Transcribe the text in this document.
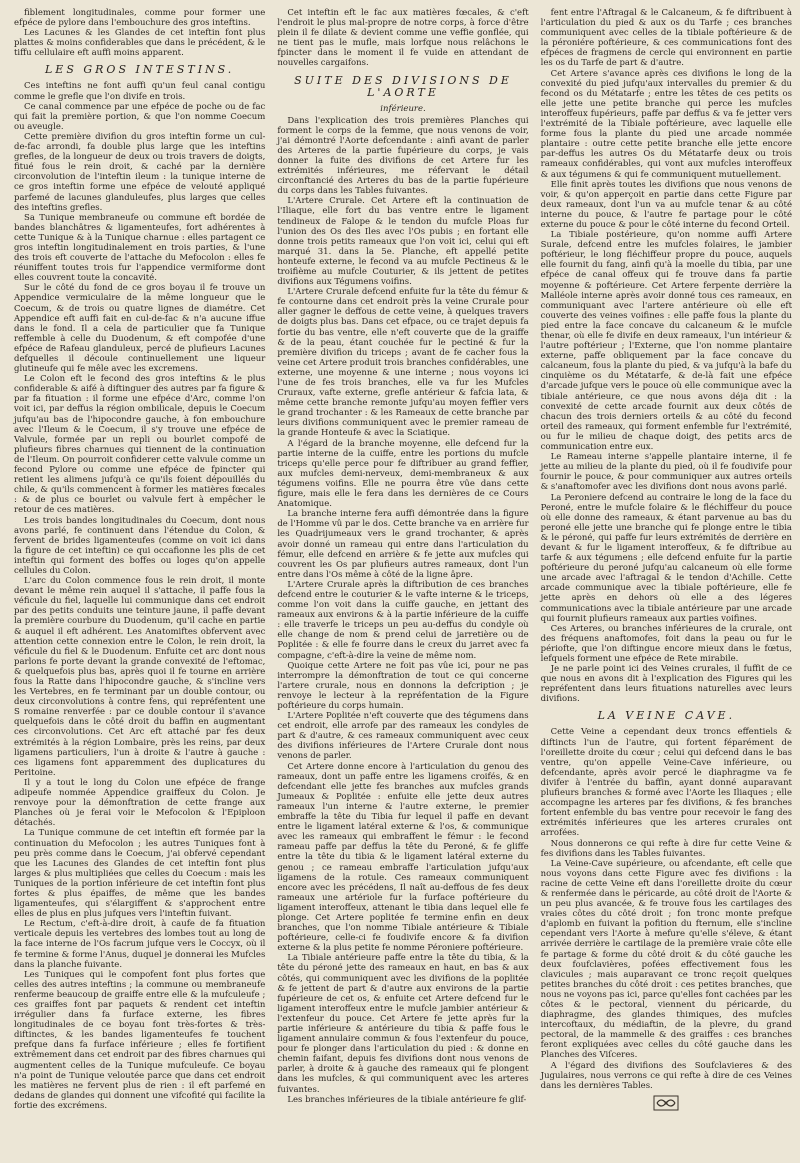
fiblement longitudinales, comme pour former une efpéce de pylore dans l'embouchure des gros inteftins.

Les Lacunes & les Glandes de cet inteftin font plus plattes & moins confiderables que dans le précédent, & le tiffu cellulaire eft auffi moins apparent.

LES GROS INTESTINS.

Ces inteftins ne font auffi qu'un feul canal contigu comme le grefle que l'on divife en trois.

Ce canal commence par une efpéce de poche ou de fac qui fait la première portion, & que l'on nomme Coecum ou aveugle.

Cette première divifion du gros inteftin forme un cul-de-fac arrondi, fa double plus large que les inteftins grefles, de la longueur de deux ou trois travers de doigts, fitué fous le rein droit, & caché par la dernière circonvolution de l'inteftin ileum : la tunique interne de ce gros inteftin forme une efpéce de velouté appliqué parfemé de lacunes glanduleufes, plus larges que celles des inteftins grefles.

Sa Tunique membraneufe ou commune eft bordée de bandes blanchâtres & ligamenteufes, fort adhérentes à cette Tunique & à la Tunique charnue : elles partagent ce gros inteftin longitudinalement en trois parties, & l'une des trois eft couverte de l'attache du Mefocolon : elles fe réuniffent toutes trois fur l'appendice vermiforme dont elles couvrent toute la concavité.

Sur le côté du fond de ce gros boyau il fe trouve un Appendice vermiculaire de la même longueur que le Coecum, & de trois ou quatre lignes de diamétre. Cet Appendice eft auffi fait en cul-de-fac & n'a aucune iffue dans le fond. Il a cela de particulier que fa Tunique reffemble à celle du Duodenum, & eft compofée d'une efpéce de Rafeau glanduleux, percé de plufieurs Lacunes defquelles il découle continuellement une liqueur glutineufe qui fe mêle avec les excremens.

Le Colon eft le fecond des gros inteftins & le plus confiderable & aifé à diftinguer des autres par fa figure & par fa fituation : il forme une efpéce d'Arc, comme l'on voit ici, par deffus la région ombilicale, depuis le Coecum jufqu'au bas de l'hipocondre gauche, à fon embouchure avec l'Ileum & le Coecum, il s'y trouve une efpéce de Valvule, formée par un repli ou bourlet compofé de plufieurs fibres charnues qui tiennent de la continuation de l'Ileum. On pourroit confiderer cette valvule comme un fecond Pylore ou comme une efpéce de fpincter qui retient les alimens jufqu'à ce qu'ils foient dépouillés du chile, & qu'ils commencent à former les matières fœcales : & de plus ce bourlet ou valvule fert à empêcher le retour de ces matières.

Les trois bandes longitudinales du Coecum, dont nous avons parlé, fe continuent dans l'étendue du Colon, & fervent de brides ligamenteufes (comme on voit ici dans la figure de cet inteftin) ce qui occafionne les plis de cet inteftin qui forment des boffes ou loges qu'on appelle cellules du Colon.

L'arc du Colon commence fous le rein droit, il monte devant le même rein auquel il s'attache, il paffe fous la véficule du fiel, laquelle lui communique dans cet endroit par des petits conduits une teinture jaune, il paffe devant la première courbure du Duodenum, qu'il cache en partie & auquel il eft adhérent. Les Anatomiftes obfervent avec attention cette connexion entre le Colon, le rein droit, la véficule du fiel & le Duodenum. Enfuite cet arc dont nous parlons fe porte devant la grande convexité de l'eftomac, & quelquefois plus bas, après quoi il fe tourne en arrière fous la Ratte dans l'hipocondre gauche, & s'incline vers les Vertebres, en fe terminant par un double contour, ou deux circonvolutions à contre fens, qui repréfentent une S romaine renverfée : par ce double contour il s'avance quelquefois dans le côté droit du baffin en augmentant ces circonvolutions. Cet Arc eft attaché par fes deux extrémités à la région Lombaire, près les reins, par deux ligamens particuliers, l'un à droite & l'autre à gauche : ces ligamens font apparemment des duplicatures du Peritoine.

Il y a tout le long du Colon une efpéce de frange adipeufe nommée Appendice graiffeux du Colon. Je renvoye pour la démonftration de cette frange aux Planches où je ferai voir le Mefocolon & l'Epiploon détachés.

La Tunique commune de cet inteftin eft formée par la continuation du Mefocolon ; les autres Tuniques font à peu près comme dans le Coecum, j'ai obfervé cependant que les Lacunes des Glandes de cet inteftin font plus larges & plus multipliées que celles du Coecum : mais les Tuniques de la portion inférieure de cet inteftin font plus fortes & plus épaiffes, de même que les bandes ligamenteufes, qui s'élargiffent & s'approchent entre elles de plus en plus jufques vers l'inteftin fuivant.

Le Rectum, c'eft-à-dire droit, à caufe de fa fituation verticale depuis les vertebres des lombes tout au long de la face interne de l'Os facrum jufque vers le Coccyx, où il fe termine & forme l'Anus, duquel je donnerai les Mufcles dans la planche fuivante.

Les Tuniques qui le compofent font plus fortes que celles des autres inteftins ; la commune ou membraneufe renferme beaucoup de graiffe entre elle & la mufculeufe ; ces graiffes font par paquets & rendent cet inteftin irrégulier dans fa furface externe, les fibres longitudinales de ce boyau font très-fortes & très-diftinctes, & les bandes ligamenteufes fe touchent prefque dans fa furface inférieure ; elles fe fortifient extrêmement dans cet endroit par des fibres charnues qui augmentent celles de la Tunique mufculeufe. Ce boyau n'a point de Tunique veloutée parce que dans cet endroit les matières ne fervent plus de rien : il eft parfemé en dedans de glandes qui donnent une vifcofité qui facilite la fortie des excrémens.

Cet inteftin eft le fac aux matières fœcales, & c'eft l'endroit le plus mal-propre de notre corps, à force d'être plein il fe dilate & devient comme une veffie gonflée, qui ne tient pas le mufle, mais lorfque nous relâchons le fpincter dans le moment il fe vuide en attendant de nouvelles cargaifons.

SUITE DES DIVISIONS DE L'AORTE
inférieure.

Dans l'explication des trois premières Planches qui forment le corps de la femme, que nous venons de voir, j'ai démontré l'Aorte defcendante : ainfi avant de parler des Arteres de la partie fupérieure du corps, je vais donner la fuite des divifions de cet Artere fur les extrémités inférieures, me réfervant le détail circonftancié des Arteres du bas de la partie fupérieure du corps dans les Tables fuivantes.

L'Artere Crurale. Cet Artere eft la continuation de l'Iliaque, elle fort du bas ventre entre le ligament tendineux de Falope & le tendon du mufcle Ploas fur l'union des Os des Iles avec l'Os pubis ; en fortant elle donne trois petits rameaux que l'on voit ici, celui qui eft marqué 31. dans la 5e. Planche, eft appellé petite honteufe externe, le fecond va au mufcle Pectineus & le troifième au mufcle Couturier, & ils jettent de petites divifions aux Tégumens voifins.

L'Artere Crurale defcend enfuite fur la tête du fémur & fe contourne dans cet endroit près la veine Crurale pour aller gagner le deffous de cette veine, à quelques travers de doigts plus bas. Dans cet efpace, ou ce trajet depuis fa fortie du bas ventre, elle n'eft couverte que de la graiffe & de la peau, étant couchée fur le pectiné & fur la première divifion du triceps ; avant de fe cacher fous la veine cet Artere produit trois branches confidérables, une externe, une moyenne & une interne ; nous voyons ici l'une de fes trois branches, elle va fur les Mufcles Cruraux, vafte externe, grefle antérieur & fafcia lata, & même cette branche remonte jufqu'au moyen feffier vers le grand trochanter : & les Rameaux de cette branche par leurs divifions communiquent avec le premier rameau de la grande Honteufe & avec la Sciatique.

A l'égard de la branche moyenne, elle defcend fur la partie interne de la cuiffe, entre les portions du mufcle triceps qu'elle perce pour fe diftribuer au grand feffier, aux mufcles demi-nerveux, demi-membraneux & aux tégumens voifins. Elle ne pourra être vûe dans cette figure, mais elle le fera dans les dernières de ce Cours Anatomique.

La branche interne fera auffi démontrée dans la figure de l'Homme vû par le dos. Cette branche va en arrière fur les Quadrijumeaux vers le grand trochanter, & après avoir donné un rameau qui entre dans l'articulation du fémur, elle defcend en arrière & fe jette aux mufcles qui couvrent les Os par plufieurs autres rameaux, dont l'un entre dans l'Os même à côté de la ligne âpre.

L'Artere Crurale après la diftribution de ces branches defcend entre le couturier & le vafte interne & le triceps, comme l'on voit dans la cuiffe gauche, en jettant des rameaux aux environs & à la partie inférieure de la cuiffe : elle traverfe le triceps un peu au-deffus du condyle où elle change de nom & prend celui de jarretière ou de Poplitée : & elle fe fourre dans le creux du jarret avec fa compagne, c'eft-à-dire la veine de même nom.

Quoique cette Artere ne foit pas vûe ici, pour ne pas interrompre la démonftration de tout ce qui concerne l'artere crurale, nous en donnons la defcription ; je renvoye le lecteur à la repréfentation de la Figure poftérieure du corps humain.

L'Artere Poplitée n'eft couverte que des tégumens dans cet endroit, elle arrofe par des rameaux les condyles de part & d'autre, & ces rameaux communiquent avec ceux des divifions inférieures de l'Artere Crurale dont nous venons de parler.

Cet Artere donne encore à l'articulation du genou des rameaux, dont un paffe entre les ligamens croifés, & en defcendant elle jette fes branches aux mufcles grands Jumeaux & Poplitée : enfuite elle jette deux autres rameaux l'un interne & l'autre externe, le premier embraffe la tête du Tibia fur lequel il paffe en devant entre le ligament latéral externe & l'os, & communique avec les rameaux qui embraffent le fémur : le fecond rameau paffe par deffus la tête du Peroné, & fe gliffe entre la tête du tibia & le ligament latéral externe du genou ; ce rameau embraffe l'articulation jufqu'aux ligamens de la rotule. Ces rameaux communiquent encore avec les précédens, Il naît au-deffous de fes deux rameaux une artériole fur la furface poftérieure du ligament interoffeux, attenant le tibia dans lequel elle fe plonge. Cet Artere poplitée fe termine enfin en deux branches, que l'on nomme Tibiale antérieure & Tibiale poftérieure, celle-ci fe foudivife encore & fa divifion externe & la plus petite fe nomme Péroniere poftérieure.

La Tibiale antérieure paffe entre la tête du tibia, & la tête du péroné jette des rameaux en haut, en bas & aux côtés, qui communiquent avec les divifions de la poplitée & fe jettent de part & d'autre aux environs de la partie fupérieure de cet os, & enfuite cet Artere defcend fur le ligament interoffeux entre le mufcle jambier antérieur & l'extenfeur du pouce. Cet Artere fe jette après fur la partie inférieure & antérieure du tibia & paffe fous le ligament annulaire commun & fous l'extenfeur du pouce, pour fe plonger dans l'articulation du pied : & donne en chemin faifant, depuis fes divifions dont nous venons de parler, à droite & à gauche des rameaux qui fe plongent dans les mufcles, & qui communiquent avec les arteres fuivantes.

Les branches inférieures de la tibiale antérieure fe glif-

fent entre l'Aftragal & le Calcaneum, & fe diftribuent à l'articulation du pied & aux os du Tarfe ; ces branches communiquent avec celles de la tibiale poftérieure & de la péroniére poftérieure, & ces communications font des efpéces de fragmens de cercle qui environnent en partie les os du Tarfe de part & d'autre.

Cet Artere s'avance après ces divifions le long de la convexité du pied jufqu'aux intervalles du premier & du fecond os du Métatarfe ; entre les têtes de ces petits os elle jette une petite branche qui perce les mufcles interoffeux fupérieurs, paffe par deffus & va fe jetter vers l'extrémité de la Tibiale poftérieure, avec laquelle elle forme fous la plante du pied une arcade nommée plantaire : outre cette petite branche elle jette encore par-deffus les autres Os du Métatarfe deux ou trois rameaux confidérables, qui vont aux mufcles interoffeux & aux tégumens & qui fe communiquent mutuellement.

Elle finit après toutes les divifions que nous venons de voir, & qu'on apperçoit en partie dans cette Figure par deux rameaux, dont l'un va au mufcle tenar & au côté interne du pouce, & l'autre fe partage pour le côté externe du pouce & pour le côté interne du fecond Orteil.

La Tibiale postérieure, qu'on nomme auffi Artere Surale, defcend entre les mufcles folaires, le jambier poftérieur, le long fléchiffeur propre du pouce, auquels elle fournit du fang, ainfi qu'à la moelle du tibia, par une efpéce de canal offeux qui fe trouve dans fa partie moyenne & poftérieure. Cet Artere ferpente derrière la Malléole interne après avoir donné tous ces rameaux, en communiquant avec l'artere antérieure où elle eft couverte des veines voifines : elle paffe fous la plante du pied entre la face concave du calcaneum & le mufcle thenar, où elle fe divife en deux rameaux, l'un intérieur & l'autre poftérieur ; l'Externe, que l'on nomme plantaire externe, paffe obliquement par la face concave du calcaneum, fous la plante du pied, & va jufqu'à la bafe du cinquième os du Métatarfe, & de-là fait une efpéce d'arcade jufque vers le pouce où elle communique avec la tibiale antérieure, ce que nous avons déja dit : la convexité de cette arcade fournit aux deux côtés de chacun des trois derniers orteils & au côté du fecond orteil des rameaux, qui forment enfemble fur l'extrémité, ou fur le milieu de chaque doigt, des petits arcs de communication entre eux.

Le Rameau interne s'appelle plantaire interne, il fe jette au milieu de la plante du pied, où il fe foudivife pour fournir le pouce, & pour communiquer aux autres orteils & s'anaftomofer avec les divifions dont nous avons parlé.

La Peroniere defcend au contraire le long de la face du Peroné, entre le mufcle folaire & le fléchiffeur du pouce où elle donne des rameaux, & étant parvenue au bas du peroné elle jette une branche qui fe plonge entre le tibia & le péroné, qui paffe fur leurs extrémités de derrière en devant & fur le ligament interoffeux, & fe diftribue au tarfe & aux tégumens ; elle defcend enfuite fur la partie poftérieure du peroné jufqu'au calcaneum où elle forme une arcade avec l'aftragal & le tendon d'Achille. Cette arcade communique avec la tibiale poftérieure, elle fe jette après en dehors où elle a des légeres communications avec la tibiale antérieure par une arcade qui fournit plufieurs rameaux aux parties voifines.

Ces Arteres, ou branches inférieures de la crurale, ont des fréquens anaftomofes, foit dans la peau ou fur le périofte, que l'on diftingue encore mieux dans le fœtus, lefquels forment une efpéce de Rete mirabile.

Je ne parle point ici des Veines crurales, il fuffit de ce que nous en avons dit à l'explication des Figures qui les repréfentent dans leurs fituations naturelles avec leurs divifions.

LA VEINE CAVE.

Cette Veine a cependant deux troncs effentiels & diftincts l'un de l'autre, qui fortent féparément de l'oreillette droite du cœur ; celui qui defcend dans le bas ventre, qu'on appelle Veine-Cave inférieure, ou defcendante, après avoir percé le diaphragme va fe divifer à l'entrée du baffin, ayant donné auparavant plufieurs branches & formé avec l'Aorte les Iliaques ; elle accompagne les arteres par fes divifions, & fes branches fortent enfemble du bas ventre pour recevoir le fang des extrémités inférieures que les arteres crurales ont arrofées.

Nous donnerons ce qui refte à dire fur cette Veine & fes divifions dans les Tables fuivantes.

La Veine-Cave supérieure, ou afcendante, eft celle que nous voyons dans cette Figure avec fes divifions : la racine de cette Veine eft dans l'oreillette droite du cœur & renfermée dans le péricarde, au côté droit de l'Aorte & un peu plus avancée, & fe trouve fous les cartilages des vraies côtes du côté droit ; fon tronc monte prefque d'aplomb en fuivant la pofition du fternum, elle s'incline cependant vers l'Aorte à mefure qu'elle s'éleve, & étant arrivée derrière le cartilage de la première vraie côte elle fe partage & forme du côté droit & du côté gauche les deux foufclavières, pofées effectivement fous les clavicules ; mais auparavant ce tronc reçoit quelques petites branches du côté droit : ces petites branches, que nous ne voyons pas ici, parce qu'elles font cachées par les côtes & le pectoral, viennent du péricarde, du diaphragme, des glandes thimiques, des mufcles intercoftaux, du médiaftin, de la plevre, du grand pectoral, de la mammelle & des graiffes : ces branches feront expliquées avec celles du côté gauche dans les Planches des Viſceres.

A l'égard des divifions des Soufclavieres & des Jugulaires, nous verrons ce qui refte à dire de ces Veines dans les dernières Tables.
